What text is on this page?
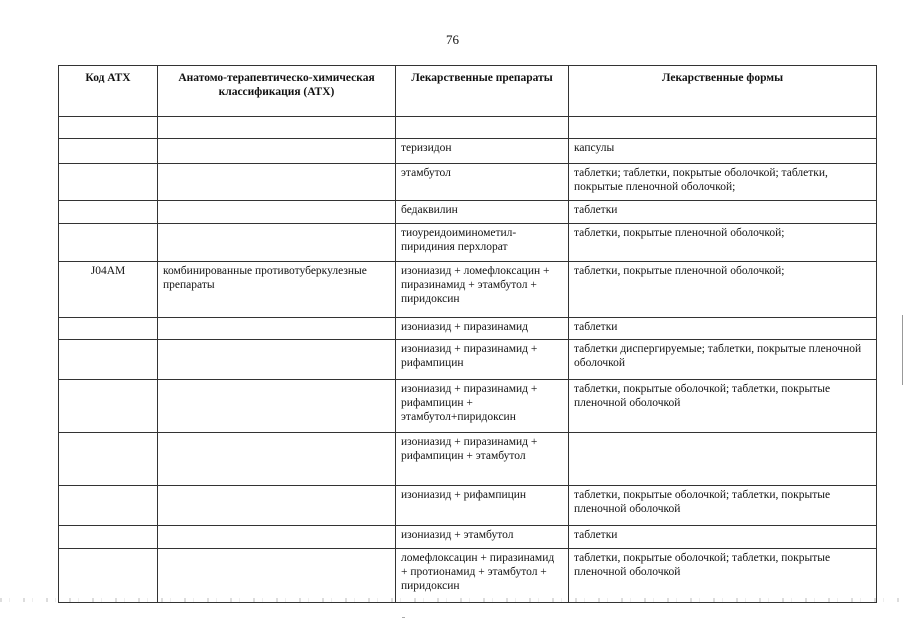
76
Код АТХ	Анатомо-терапевтическо-химическая классификация (АТХ)	Лекарственные препараты	Лекарственные формы

		теризидон	капсулы
		этамбутол	таблетки; таблетки, покрытые оболочкой; таблетки, покрытые пленочной оболочкой;
		бедаквилин	таблетки
		тиоуреидоиминометил-пиридиния перхлорат	таблетки, покрытые пленочной оболочкой;
J04AM	комбинированные противотуберкулезные препараты	изониазид + ломефлоксацин + пиразинамид + этамбутол + пиридоксин	таблетки, покрытые пленочной оболочкой;
		изониазид + пиразинамид	таблетки
		изониазид + пиразинамид + рифампицин	таблетки диспергируемые; таблетки, покрытые пленочной оболочкой
		изониазид + пиразинамид + рифампицин + этамбутол+пиридоксин	таблетки, покрытые оболочкой; таблетки, покрытые пленочной оболочкой
		изониазид + пиразинамид + рифампицин + этамбутол	
		изониазид + рифампицин	таблетки, покрытые оболочкой; таблетки, покрытые пленочной оболочкой
		изониазид + этамбутол	таблетки
		ломефлоксацин + пиразинамид + протионамид + этамбутол + пиридоксин	таблетки, покрытые оболочкой; таблетки, покрытые пленочной оболочкой
